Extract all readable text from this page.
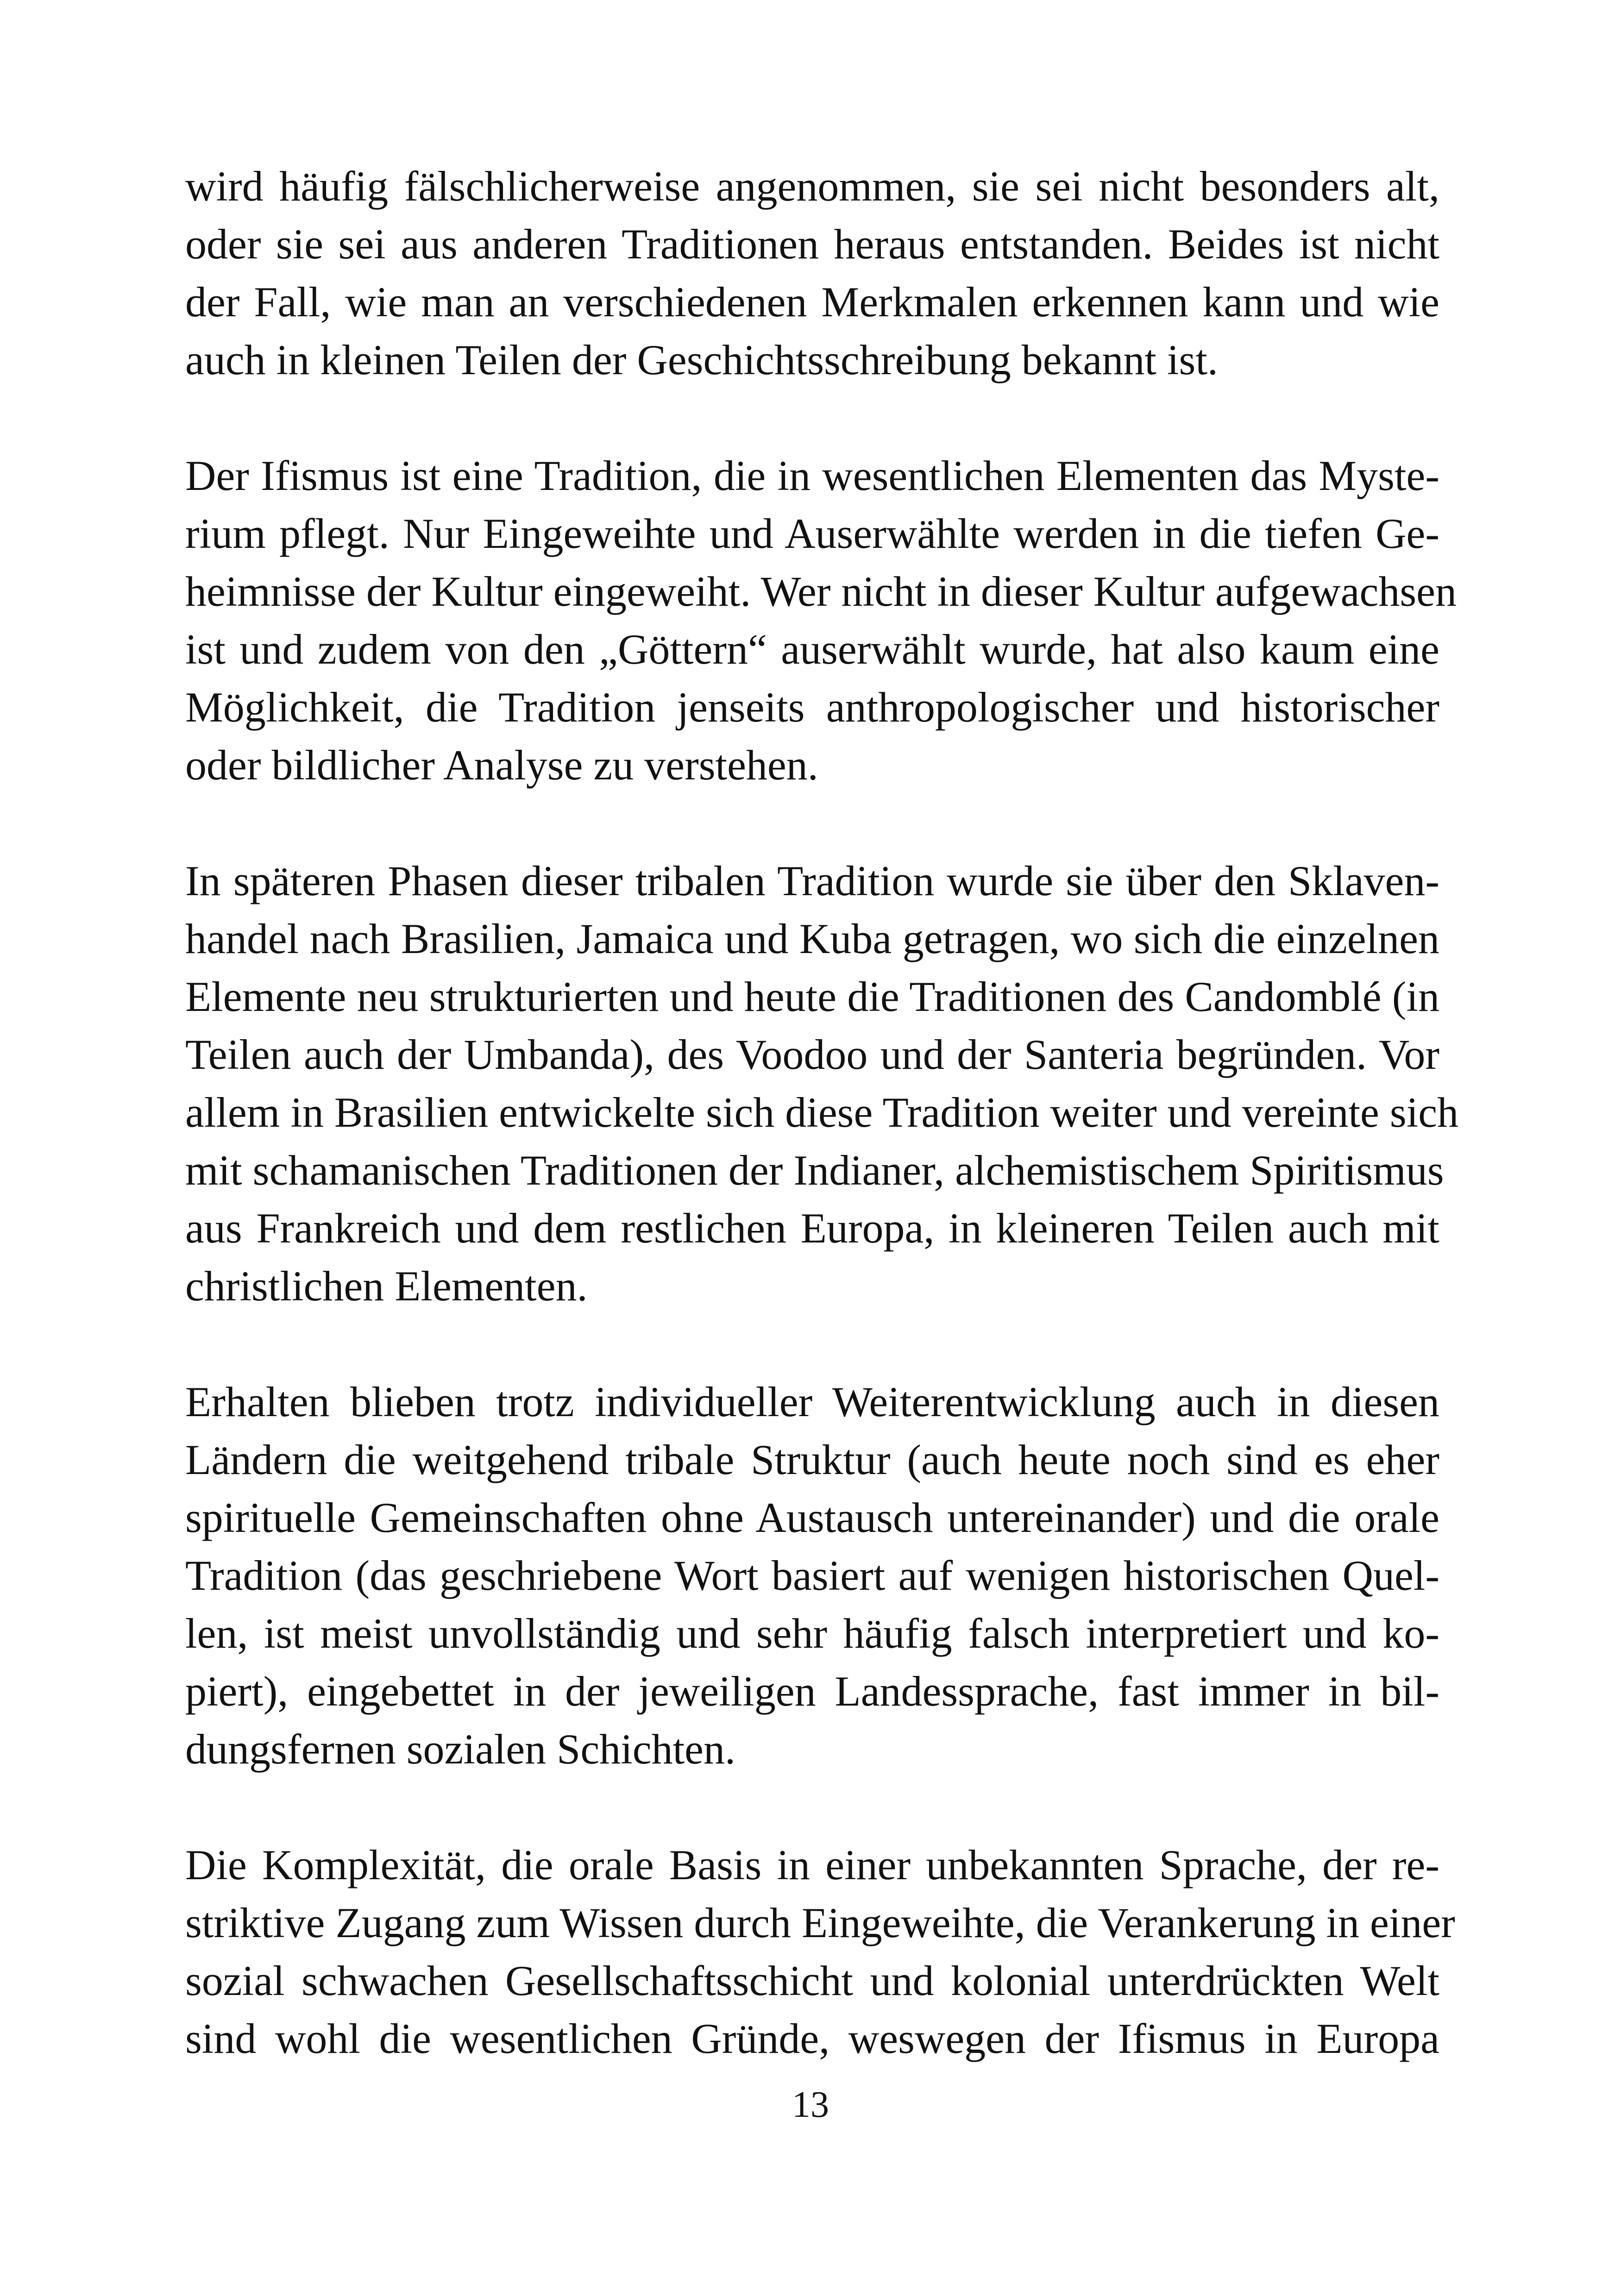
wird häufig fälschlicherweise angenommen, sie sei nicht besonders alt,
oder sie sei aus anderen Traditionen heraus entstanden. Beides ist nicht
der Fall, wie man an verschiedenen Merkmalen erkennen kann und wie
auch in kleinen Teilen der Geschichtsschreibung bekannt ist.
Der Ifismus ist eine Tradition, die in wesentlichen Elementen das Myste-
rium pflegt. Nur Eingeweihte und Auserwählte werden in die tiefen Ge-
heimnisse der Kultur eingeweiht. Wer nicht in dieser Kultur aufgewachsen
ist und zudem von den „Göttern“ auserwählt wurde, hat also kaum eine
Möglichkeit, die Tradition jenseits anthropologischer und historischer
oder bildlicher Analyse zu verstehen.
In späteren Phasen dieser tribalen Tradition wurde sie über den Sklaven-
handel nach Brasilien, Jamaica und Kuba getragen, wo sich die einzelnen
Elemente neu strukturierten und heute die Traditionen des Candomblé (in
Teilen auch der Umbanda), des Voodoo und der Santeria begründen. Vor
allem in Brasilien entwickelte sich diese Tradition weiter und vereinte sich
mit schamanischen Traditionen der Indianer, alchemistischem Spiritismus
aus Frankreich und dem restlichen Europa, in kleineren Teilen auch mit
christlichen Elementen.
Erhalten blieben trotz individueller Weiterentwicklung auch in diesen
Ländern die weitgehend tribale Struktur (auch heute noch sind es eher
spirituelle Gemeinschaften ohne Austausch untereinander) und die orale
Tradition (das geschriebene Wort basiert auf wenigen historischen Quel-
len, ist meist unvollständig und sehr häufig falsch interpretiert und ko-
piert), eingebettet in der jeweiligen Landessprache, fast immer in bil-
dungsfernen sozialen Schichten.
Die Komplexität, die orale Basis in einer unbekannten Sprache, der re-
striktive Zugang zum Wissen durch Eingeweihte, die Verankerung in einer
sozial schwachen Gesellschaftsschicht und kolonial unterdrückten Welt
sind wohl die wesentlichen Gründe, weswegen der Ifismus in Europa
13
